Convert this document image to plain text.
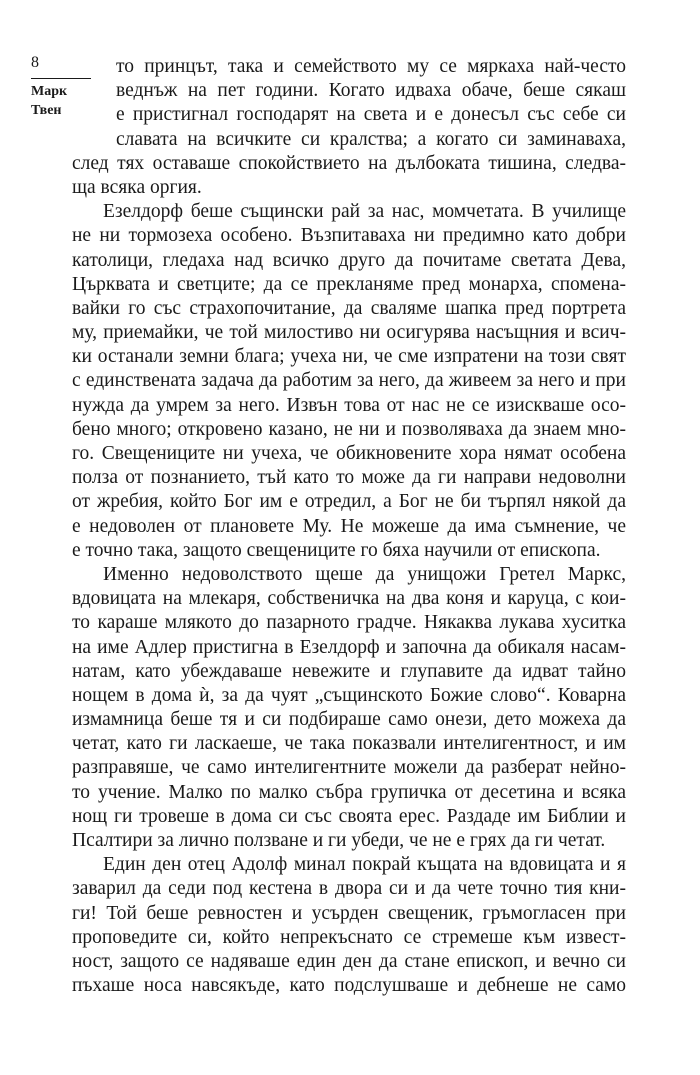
8
Марк
Твен
то принцът, така и семейството му се мяркаха най-често
веднъж на пет години. Когато идваха обаче, беше сякаш
е пристигнал господарят на света и е донесъл със себе си
славата на всичките си кралства; а когато си заминаваха,
след тях оставаше спокойствието на дълбоката тишина, следва-
ща всяка оргия.
Езелдорф беше същински рай за нас, момчетата. В училище
не ни тормозеха особено. Възпитаваха ни предимно като добри
католици, гледаха над всичко друго да почитаме светата Дева,
Църквата и светците; да се прекланяме пред монарха, спомена-
вайки го със страхопочитание, да сваляме шапка пред портрета
му, приемайки, че той милостиво ни осигурява насъщния и всич-
ки останали земни блага; учеха ни, че сме изпратени на този свят
с единствената задача да работим за него, да живеем за него и при
нужда да умрем за него. Извън това от нас не се изискваше осо-
бено много; откровено казано, не ни и позволяваха да знаем мно-
го. Свещениците ни учеха, че обикновените хора нямат особена
полза от познанието, тъй като то може да ги направи недоволни
от жребия, който Бог им е отредил, а Бог не би търпял някой да
е недоволен от плановете Му. Не можеше да има съмнение, че
е точно така, защото свещениците го бяха научили от епископа.
Именно недоволството щеше да унищожи Гретел Маркс,
вдовицата на млекаря, собственичка на два коня и каруца, с кои-
то караше млякото до пазарното градче. Някаква лукава хуситка
на име Адлер пристигна в Езелдорф и започна да обикаля насам-
натам, като убеждаваше невежите и глупавите да идват тайно
нощем в дома ѝ, за да чуят „същинското Божие слово“. Коварна
измамница беше тя и си подбираше само онези, дето можеха да
четат, като ги ласкаеше, че така показвали интелигентност, и им
разправяше, че само интелигентните можели да разберат нейно-
то учение. Малко по малко събра групичка от десетина и всяка
нощ ги тровеше в дома си със своята ерес. Раздаде им Библии и
Псалтири за лично ползване и ги убеди, че не е грях да ги четат.
Един ден отец Адолф минал покрай къщата на вдовицата и я
заварил да седи под кестена в двора си и да чете точно тия кни-
ги! Той беше ревностен и усърден свещеник, гръмогласен при
проповедите си, който непрекъснато се стремеше към извест-
ност, защото се надяваше един ден да стане епископ, и вечно си
пъхаше носа навсякъде, като подслушваше и дебнеше не само
